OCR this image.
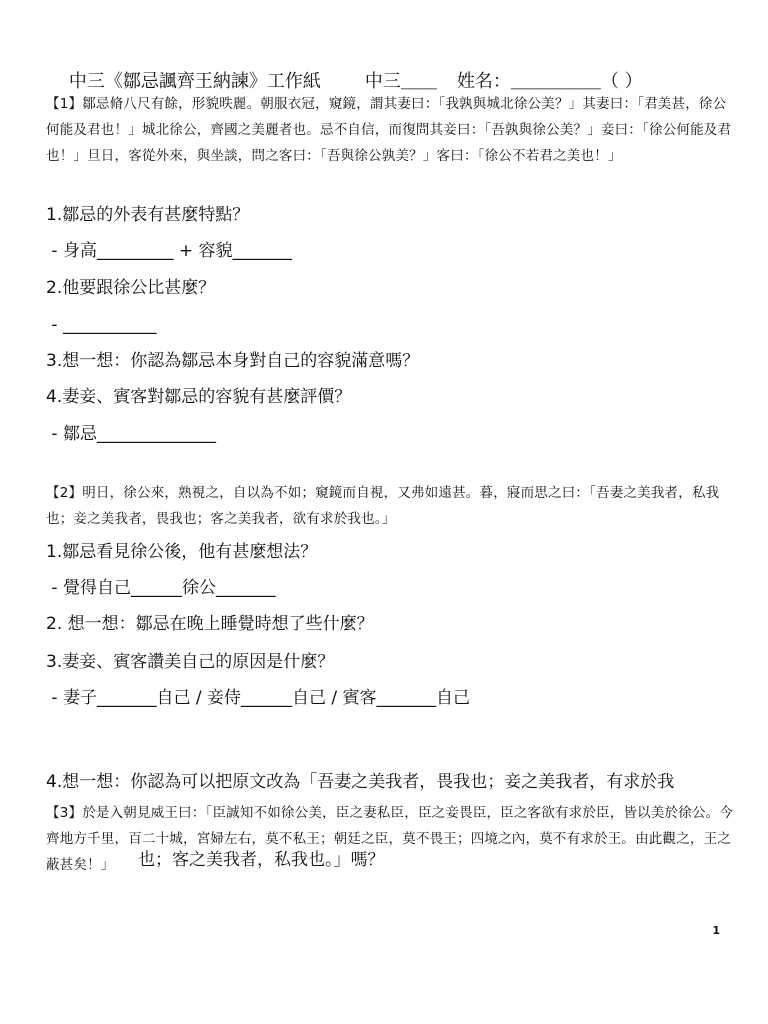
中三《鄒忌諷齊王納諫》工作紙 中三＿＿ 姓名：＿＿＿＿＿（ ）

【1】鄒忌脩八尺有餘，形貌昳麗。朝服衣冠，窺鏡，謂其妻曰：「我孰與城北徐公美？」其妻曰：「君美甚，徐公何能及君也！」城北徐公，齊國之美麗者也。忌不自信，而復問其妾曰：「吾孰與徐公美？」妾曰：「徐公何能及君也！」旦日，客從外來，與坐談，問之客曰：「吾與徐公孰美？」客曰：「徐公不若君之美也！」
1.鄒忌的外表有甚麼特點？
- 身高_________ + 容貌_______
2.他要跟徐公比甚麼？
- ___________
3.想一想：你認為鄒忌本身對自己的容貌滿意嗎？
4.妻妾、賓客對鄒忌的容貌有甚麼評價？
- 鄒忌______________
【2】明日，徐公來，熟視之，自以為不如；窺鏡而自視，又弗如遠甚。暮，寢而思之曰：「吾妻之美我者，私我也；妾之美我者，畏我也；客之美我者，欲有求於我也。」
1.鄒忌看見徐公後，他有甚麼想法？
- 覺得自己______徐公_______
2. 想一想：鄒忌在晚上睡覺時想了些什麼？
3.妻妾、賓客讚美自己的原因是什麼？
- 妻子_______自己 / 妾侍______自己 / 賓客_______自己

4.想一想：你認為可以把原文改為「吾妻之美我者，畏我也；妾之美我者，有求於我

也；客之美我者，私我也。」嗎？

【3】於是入朝見威王曰：「臣誠知不如徐公美，臣之妻私臣，臣之妾畏臣，臣之客欲有求於臣，皆以美於徐公。今齊地方千里，百二十城，宮婦左右，莫不私王；朝廷之臣，莫不畏王；四境之內，莫不有求於王。由此觀之，王之蔽甚矣！」
1
